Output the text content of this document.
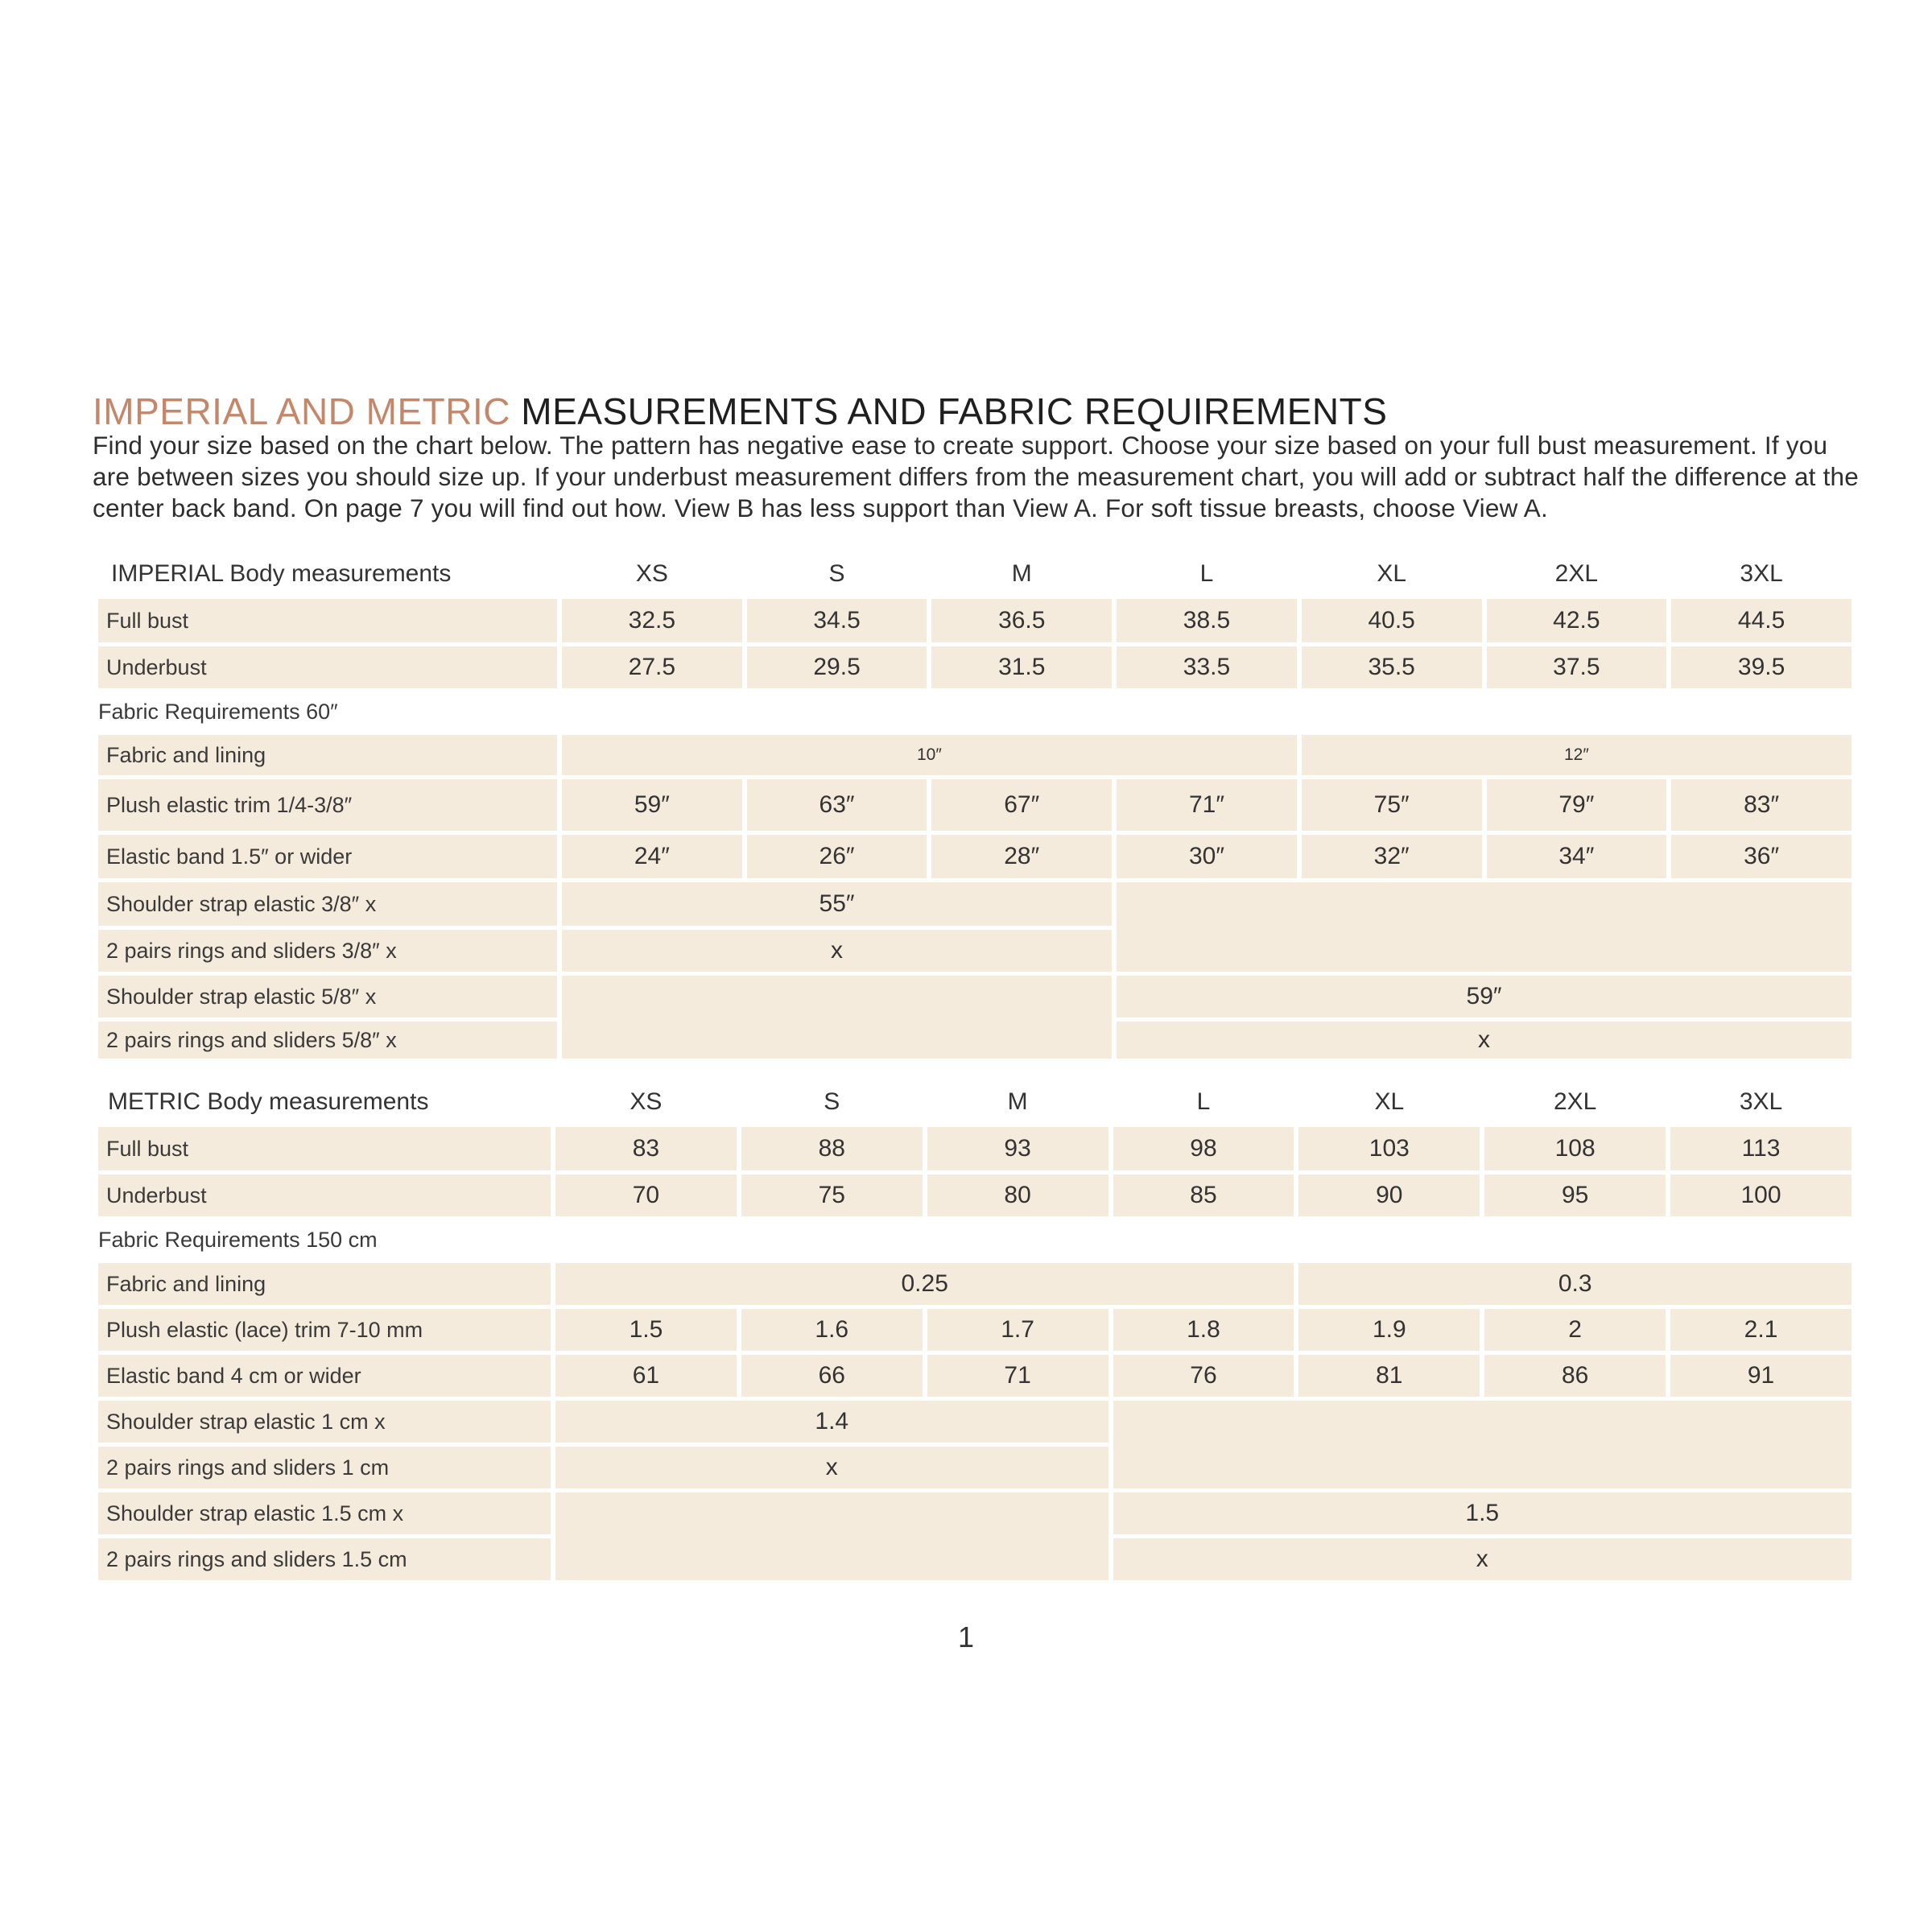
IMPERIAL AND METRIC MEASUREMENTS AND FABRIC REQUIREMENTS

Find your size based on the chart below. The pattern has negative ease to create support. Choose your size based on your full bust measurement. If you are between sizes you should size up. If your underbust measurement differs from the measurement chart, you will add or subtract half the difference at the center back band. On page 7 you will find out how. View B has less support than View A. For soft tissue breasts, choose View A.

IMPERIAL Body measurements	XS	S	M	L	XL	2XL	3XL
Full bust	32.5	34.5	36.5	38.5	40.5	42.5	44.5
Underbust	27.5	29.5	31.5	33.5	35.5	37.5	39.5
Fabric Requirements 60″							
Fabric and lining	10″				12″		
Plush elastic trim 1/4-3/8″	59″	63″	67″	71″	75″	79″	83″
Elastic band 1.5″ or wider	24″	26″	28″	30″	32″	34″	36″
Shoulder strap elastic 3/8″ x	55″						
2 pairs rings and sliders 3/8″ x	x						
Shoulder strap elastic 5/8″ x				59″			
2 pairs rings and sliders 5/8″ x				x			
METRIC Body measurements	XS	S	M	L	XL	2XL	3XL
Full bust	83	88	93	98	103	108	113
Underbust	70	75	80	85	90	95	100
Fabric Requirements 150 cm							
Fabric and lining	0.25				0.3		
Plush elastic (lace) trim 7-10 mm	1.5	1.6	1.7	1.8	1.9	2	2.1
Elastic band 4 cm or wider	61	66	71	76	81	86	91
Shoulder strap elastic 1 cm x	1.4						
2 pairs rings and sliders 1 cm	x						
Shoulder strap elastic 1.5 cm x				1.5			
2 pairs rings and sliders 1.5 cm				x			

1
